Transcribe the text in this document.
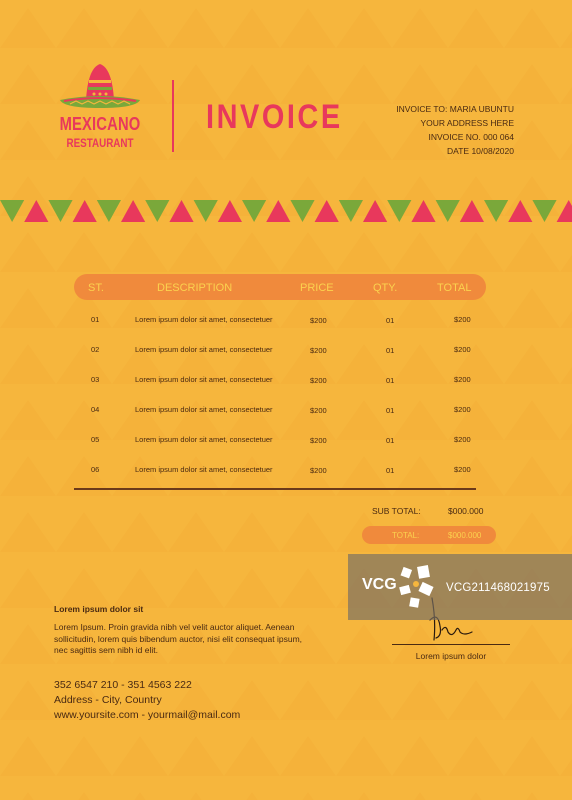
MEXICANO
RESTAURANT
INVOICE	INVOICE TO: MARIA UBUNTU
YOUR ADDRESS HERE
INVOICE NO. 000 064
DATE 10/08/2020
ST.	DESCRIPTION	PRICE	QTY.	TOTAL
01	Lorem ipsum dolor sit amet, consectetuer	$200	01	$200
02	Lorem ipsum dolor sit amet, consectetuer	$200	01	$200
03	Lorem ipsum dolor sit amet, consectetuer	$200	01	$200
04	Lorem ipsum dolor sit amet, consectetuer	$200	01	$200
05	Lorem ipsum dolor sit amet, consectetuer	$200	01	$200
06	Lorem ipsum dolor sit amet, consectetuer	$200	01	$200
SUB TOTAL:	$000.000
TOTAL:	$000.000
Lorem ipsum dolor sit
Lorem Ipsum. Proin gravida nibh vel velit auctor aliquet. Aenean sollicitudin, lorem quis bibendum auctor, nisi elit consequat ipsum, nec sagittis sem nibh id elit.
352 6547 210 - 351 4563 222
Address - City, Country
www.yoursite.com - yourmail@mail.com
Lorem ipsum dolor
VCG	VCG211468021975
